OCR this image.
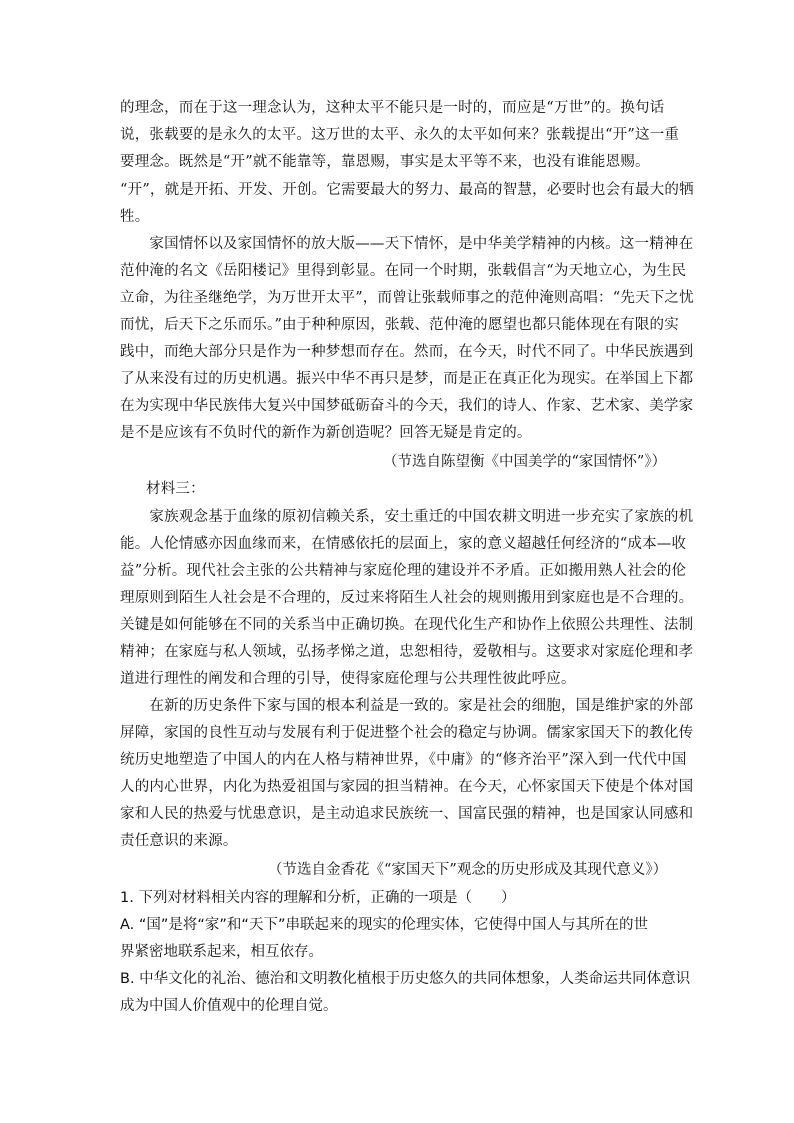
的理念，而在于这一理念认为，这种太平不能只是一时的，而应是“万世”的。换句话
说，张载要的是永久的太平。这万世的太平、永久的太平如何来？张载提出“开”这一重
要理念。既然是“开”就不能靠等，靠恩赐，事实是太平等不来，也没有谁能恩赐。
“开”，就是开拓、开发、开创。它需要最大的努力、最高的智慧，必要时也会有最大的牺
牲。
　　家国情怀以及家国情怀的放大版——天下情怀，是中华美学精神的内核。这一精神在
范仲淹的名文《岳阳楼记》里得到彰显。在同一个时期，张载倡言“为天地立心，为生民
立命，为往圣继绝学，为万世开太平”，而曾让张载师事之的范仲淹则高唱：“先天下之忧
而忧，后天下之乐而乐。”由于种种原因，张载、范仲淹的愿望也都只能体现在有限的实
践中，而绝大部分只是作为一种梦想而存在。然而，在今天，时代不同了。中华民族遇到
了从来没有过的历史机遇。振兴中华不再只是梦，而是正在真正化为现实。在举国上下都
在为实现中华民族伟大复兴中国梦砥砺奋斗的今天，我们的诗人、作家、艺术家、美学家
是不是应该有不负时代的新作为新创造呢？回答无疑是肯定的。
（节选自陈望衡《中国美学的“家国情怀”》）
材料三：
　　家族观念基于血缘的原初信赖关系，安土重迁的中国农耕文明进一步充实了家族的机
能。人伦情感亦因血缘而来，在情感依托的层面上，家的意义超越任何经济的“成本—收
益”分析。现代社会主张的公共精神与家庭伦理的建设并不矛盾。正如搬用熟人社会的伦
理原则到陌生人社会是不合理的，反过来将陌生人社会的规则搬用到家庭也是不合理的。
关键是如何能够在不同的关系当中正确切换。在现代化生产和协作上依照公共理性、法制
精神；在家庭与私人领域，弘扬孝悌之道，忠恕相待，爱敬相与。这要求对家庭伦理和孝
道进行理性的阐发和合理的引导，使得家庭伦理与公共理性彼此呼应。
　　在新的历史条件下家与国的根本利益是一致的。家是社会的细胞，国是维护家的外部
屏障，家国的良性互动与发展有利于促进整个社会的稳定与协调。儒家家国天下的教化传
统历史地塑造了中国人的内在人格与精神世界，《中庸》的“修齐治平”深入到一代代中国
人的内心世界，内化为热爱祖国与家园的担当精神。在今天，心怀家国天下使是个体对国
家和人民的热爱与忧患意识，是主动追求民族统一、国富民强的精神，也是国家认同感和
责任意识的来源。
（节选自金香花《“家国天下”观念的历史形成及其现代意义》）
1. 下列对材料相关内容的理解和分析，正确的一项是（　　）
A. “国”是将“家”和“天下”串联起来的现实的伦理实体，它使得中国人与其所在的世
界紧密地联系起来，相互依存。
B. 中华文化的礼治、德治和文明教化植根于历史悠久的共同体想象，人类命运共同体意识
成为中国人价值观中的伦理自觉。
